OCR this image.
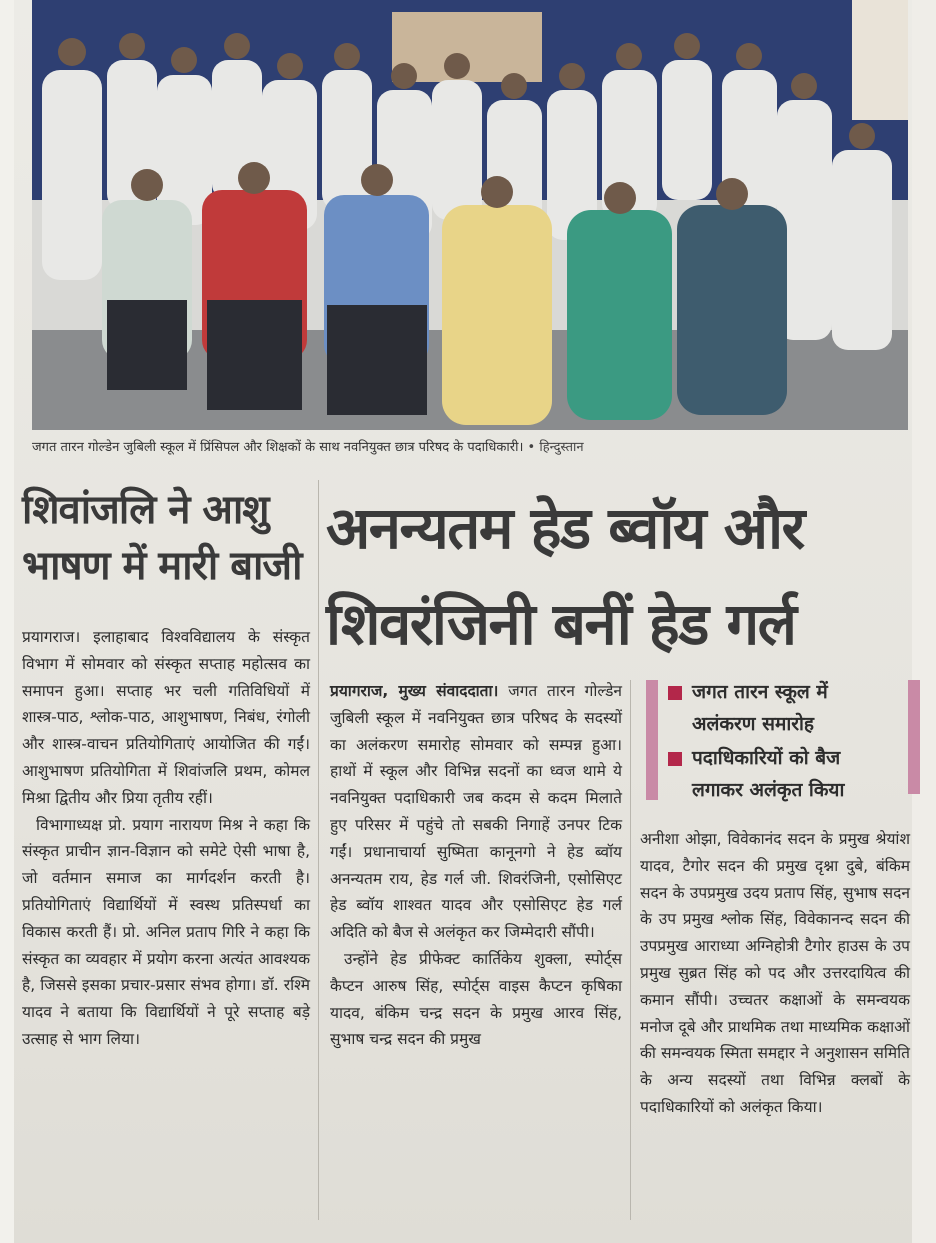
जगत तारन गोल्डेन जुबिली स्कूल में प्रिंसिपल और शिक्षकों के साथ नवनियुक्त छात्र परिषद के पदाधिकारी। • हिन्दुस्तान
शिवांजलि ने आशु
भाषण में मारी बाजी

प्रयागराज। इलाहाबाद विश्वविद्यालय के संस्कृत विभाग में सोमवार को संस्कृत सप्ताह महोत्सव का समापन हुआ। सप्ताह भर चली गतिविधियों में शास्त्र-पाठ, श्लोक-पाठ, आशुभाषण, निबंध, रंगोली और शास्त्र-वाचन प्रतियोगिताएं आयोजित की गईं। आशुभाषण प्रतियोगिता में शिवांजलि प्रथम, कोमल मिश्रा द्वितीय और प्रिया तृतीय रहीं।

विभागाध्यक्ष प्रो. प्रयाग नारायण मिश्र ने कहा कि संस्कृत प्राचीन ज्ञान-विज्ञान को समेटे ऐसी भाषा है, जो वर्तमान समाज का मार्गदर्शन करती है। प्रतियोगिताएं विद्यार्थियों में स्वस्थ प्रतिस्पर्धा का विकास करती हैं। प्रो. अनिल प्रताप गिरि ने कहा कि संस्कृत का व्यवहार में प्रयोग करना अत्यंत आवश्यक है, जिससे इसका प्रचार-प्रसार संभव होगा। डॉ. रश्मि यादव ने बताया कि विद्यार्थियों ने पूरे सप्ताह बड़े उत्साह से भाग लिया।

अनन्यतम हेड ब्वॉय और
शिवरंजिनी बनीं हेड गर्ल

प्रयागराज, मुख्य संवाददाता। जगत तारन गोल्डेन जुबिली स्कूल में नवनियुक्त छात्र परिषद के सदस्यों का अलंकरण समारोह सोमवार को सम्पन्न हुआ। हाथों में स्कूल और विभिन्न सदनों का ध्वज थामे ये नवनियुक्त पदाधिकारी जब कदम से कदम मिलाते हुए परिसर में पहुंचे तो सबकी निगाहें उनपर टिक गईं। प्रधानाचार्या सुष्मिता कानूनगो ने हेड ब्वॉय अनन्यतम राय, हेड गर्ल जी. शिवरंजिनी, एसोसिएट हेड ब्वॉय शाश्वत यादव और एसोसिएट हेड गर्ल अदिति को बैज से अलंकृत कर जिम्मेदारी सौंपी।

उन्होंने हेड प्रीफेक्ट कार्तिकेय शुक्ला, स्पोर्ट्स कैप्टन आरुष सिंह, स्पोर्ट्स वाइस कैप्टन कृषिका यादव, बंकिम चन्द्र सदन के प्रमुख आरव सिंह, सुभाष चन्द्र सदन की प्रमुख

जगत तारन स्कूल में
अलंकरण समारोह
पदाधिकारियों को बैज
लगाकर अलंकृत किया

अनीशा ओझा, विवेकानंद सदन के प्रमुख श्रेयांश यादव, टैगोर सदन की प्रमुख दृश्ना दुबे, बंकिम सदन के उपप्रमुख उदय प्रताप सिंह, सुभाष सदन के उप प्रमुख श्लोक सिंह, विवेकानन्द सदन की उपप्रमुख आराध्या अग्निहोत्री टैगोर हाउस के उप प्रमुख सुब्रत सिंह को पद और उत्तरदायित्व की कमान सौंपी। उच्चतर कक्षाओं के समन्वयक मनोज दूबे और प्राथमिक तथा माध्यमिक कक्षाओं की समन्वयक स्मिता समद्दार ने अनुशासन समिति के अन्य सदस्यों तथा विभिन्न क्लबों के पदाधिकारियों को अलंकृत किया।
